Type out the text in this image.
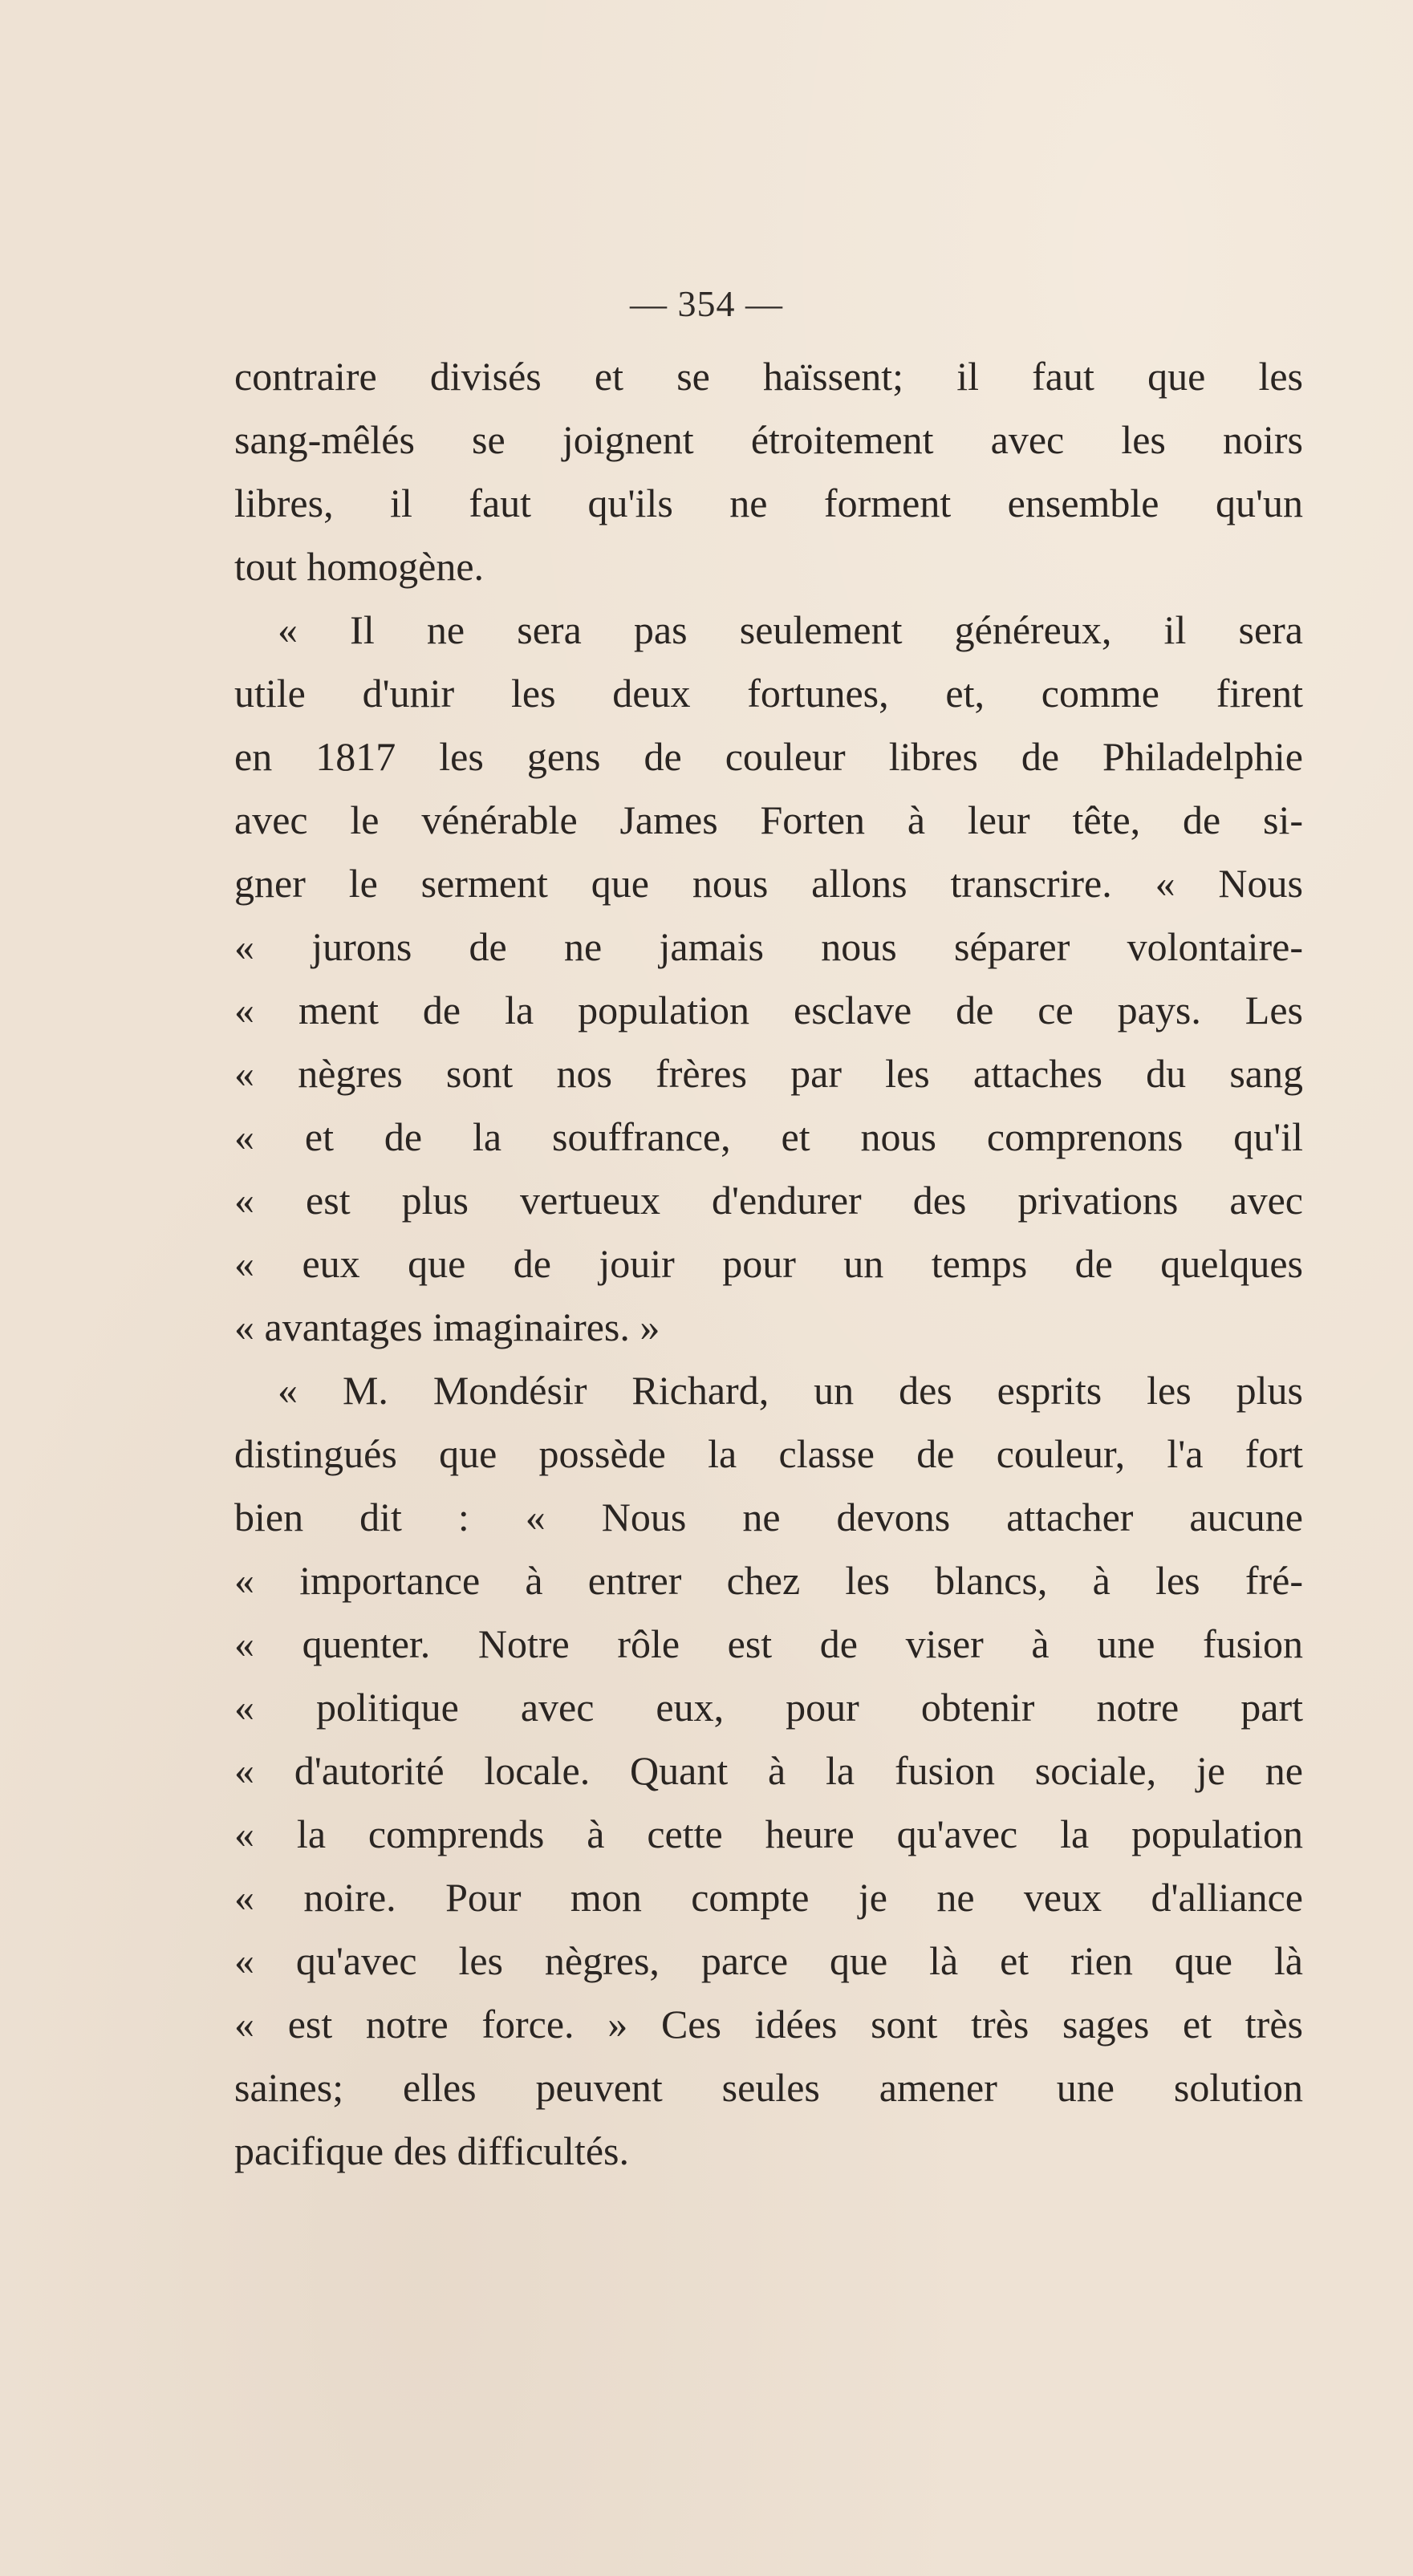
— 354 —
contraire divisés et se haïssent; il faut que les
sang-mêlés se joignent étroitement avec les noirs
libres, il faut qu'ils ne forment ensemble qu'un
tout homogène.
« Il ne sera pas seulement généreux, il sera
utile d'unir les deux fortunes, et, comme firent
en 1817 les gens de couleur libres de Philadelphie
avec le vénérable James Forten à leur tête, de si-
gner le serment que nous allons transcrire. « Nous
« jurons de ne jamais nous séparer volontaire-
« ment de la population esclave de ce pays. Les
« nègres sont nos frères par les attaches du sang
« et de la souffrance, et nous comprenons qu'il
« est plus vertueux d'endurer des privations avec
« eux que de jouir pour un temps de quelques
« avantages imaginaires. »
« M. Mondésir Richard, un des esprits les plus
distingués que possède la classe de couleur, l'a fort
bien dit : « Nous ne devons attacher aucune
« importance à entrer chez les blancs, à les fré-
« quenter. Notre rôle est de viser à une fusion
« politique avec eux, pour obtenir notre part
« d'autorité locale. Quant à la fusion sociale, je ne
« la comprends à cette heure qu'avec la population
« noire. Pour mon compte je ne veux d'alliance
« qu'avec les nègres, parce que là et rien que là
« est notre force. » Ces idées sont très sages et très
saines; elles peuvent seules amener une solution
pacifique des difficultés.
